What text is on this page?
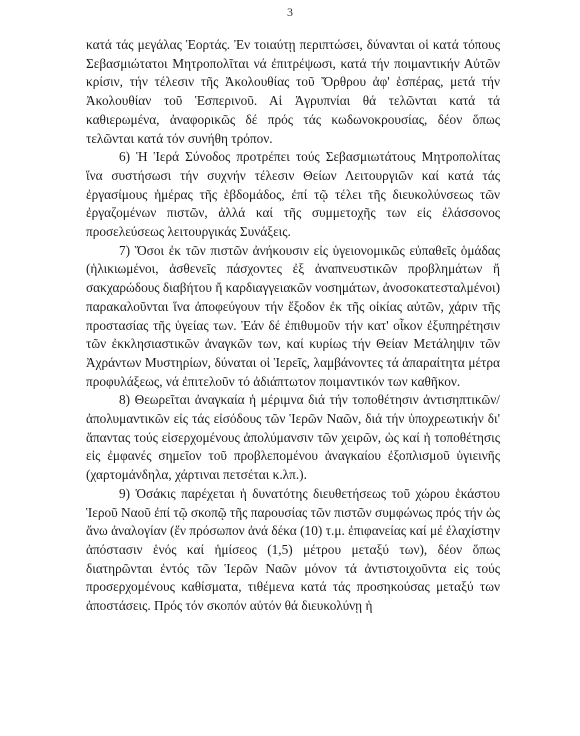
3

κατά τάς μεγάλας Ἑορτάς. Ἐν τοιαύτῃ περιπτώσει, δύνανται οἱ κατά τόπους Σεβασμιώτατοι Μητροπολῖται νά ἐπιτρέψωσι, κατά τήν ποιμαντικήν Αὐτῶν κρίσιν, τήν τέλεσιν τῆς Ἀκολουθίας τοῦ Ὄρθρου ἀφ' ἑσπέρας, μετά τήν Ἀκολουθίαν τοῦ Ἑσπερινοῦ. Αἱ Ἀγρυπνίαι θά τελῶνται κατά τά καθιερωμένα, ἀναφορικῶς δέ πρός τάς κωδωνοκρουσίας, δέον ὅπως τελῶνται κατά τόν συνήθη τρόπον.

6) Ἡ Ἱερά Σύνοδος προτρέπει τούς Σεβασμιωτάτους Μητροπολίτας ἵνα συστήσωσι τήν συχνήν τέλεσιν Θείων Λειτουργιῶν καί κατά τάς ἐργασίμους ἡμέρας τῆς ἑβδομάδος, ἐπί τῷ τέλει τῆς διευκολύνσεως τῶν ἐργαζομένων πιστῶν, ἀλλά καί τῆς συμμετοχῆς των εἰς ἐλάσσονος προσελεύσεως λειτουργικάς Συνάξεις.

7) Ὅσοι ἐκ τῶν πιστῶν ἀνήκουσιν εἰς ὑγειονομικῶς εὐπαθεῖς ὁμάδας (ἡλικιωμένοι, ἀσθενεῖς πάσχοντες ἐξ ἀναπνευστικῶν προβλημάτων ἤ σακχαρώδους διαβήτου ἤ καρδιαγγειακῶν νοσημάτων, ἀνοσοκατεσταλμένοι) παρακαλοῦνται ἵνα ἀποφεύγουν τήν ἔξοδον ἐκ τῆς οἰκίας αὐτῶν, χάριν τῆς προστασίας τῆς ὑγείας των. Ἐάν δέ ἐπιθυμοῦν τήν κατ' οἶκον ἐξυπηρέτησιν τῶν ἐκκλησιαστικῶν ἀναγκῶν των, καί κυρίως τήν Θείαν Μετάληψιν τῶν Ἀχράντων Μυστηρίων, δύναται οἱ Ἱερεῖς, λαμβάνοντες τά ἀπαραίτητα μέτρα προφυλάξεως, νά ἐπιτελοῦν τό ἀδιάπτωτον ποιμαντικόν των καθῆκον.

8) Θεωρεῖται ἀναγκαία ἡ μέριμνα διά τήν τοποθέτησιν ἀντισηπτικῶν/ἀπολυμαντικῶν εἰς τάς εἰσόδους τῶν Ἱερῶν Ναῶν, διά τήν ὑποχρεωτικήν δι' ἅπαντας τούς εἰσερχομένους ἀπολύμανσιν τῶν χειρῶν, ὡς καί ἡ τοποθέτησις εἰς ἐμφανές σημεῖον τοῦ προβλεπομένου ἀναγκαίου ἐξοπλισμοῦ ὑγιεινῆς (χαρτομάνδηλα, χάρτιναι πετσέται κ.λπ.).

9) Ὁσάκις παρέχεται ἡ δυνατότης διευθετήσεως τοῦ χώρου ἑκάστου Ἱεροῦ Ναοῦ ἐπί τῷ σκοπῷ τῆς παρουσίας τῶν πιστῶν συμφώνως πρός τήν ὡς ἄνω ἀναλογίαν (ἕν πρόσωπον ἀνά δέκα (10) τ.μ. ἐπιφανείας καί μέ ἐλαχίστην ἀπόστασιν ἑνός καί ἡμίσεος (1,5) μέτρου μεταξύ των), δέον ὅπως διατηρῶνται ἐντός τῶν Ἱερῶν Ναῶν μόνον τά ἀντιστοιχοῦντα εἰς τούς προσερχομένους καθίσματα, τιθέμενα κατά τάς προσηκούσας μεταξύ των ἀποστάσεις. Πρός τόν σκοπόν αὐτόν θά διευκολύνῃ ἡ
